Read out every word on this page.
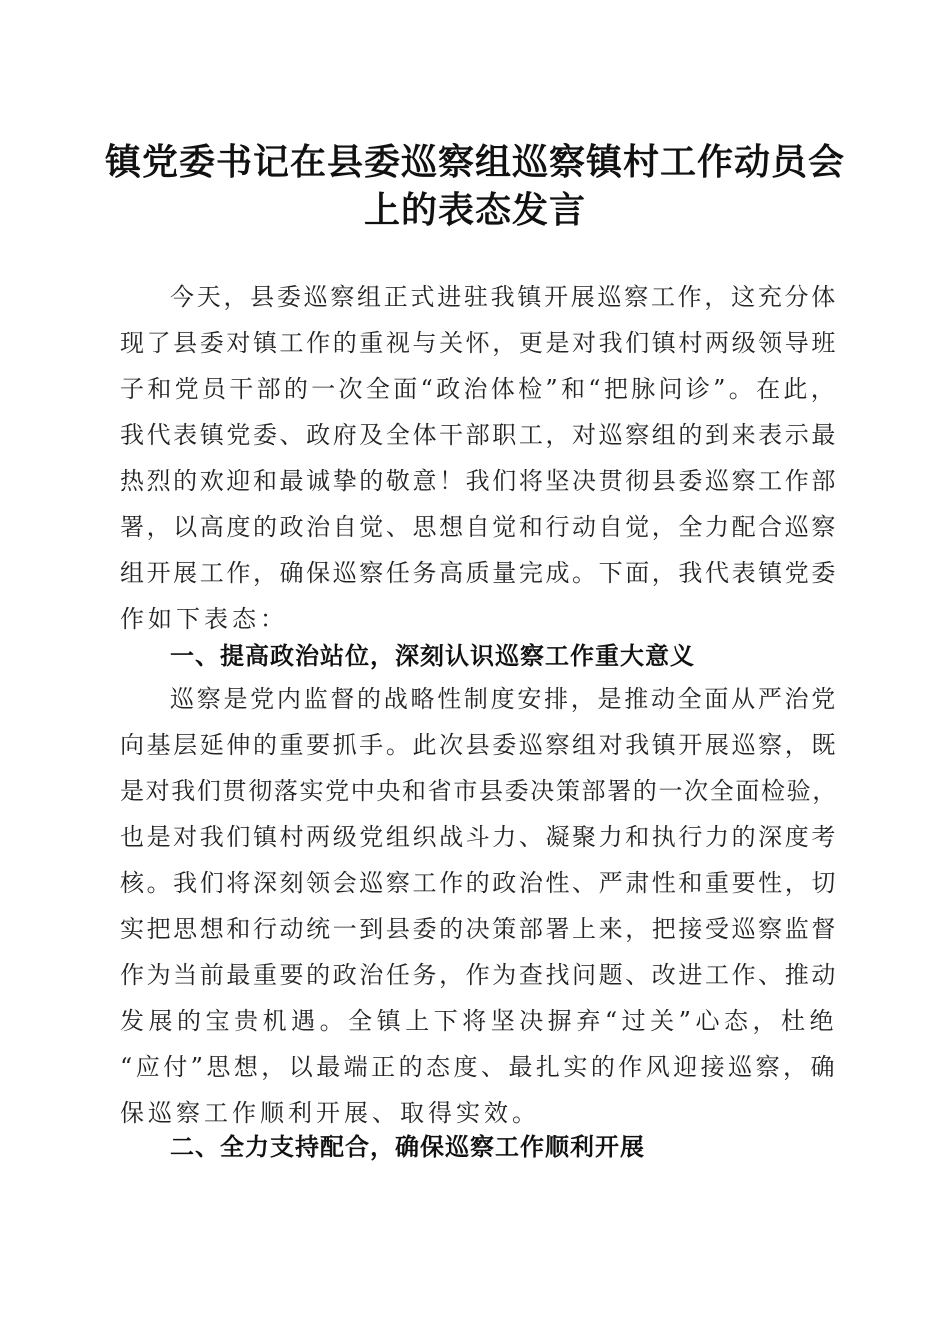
镇党委书记在县委巡察组巡察镇村工作动员会
上的表态发言
今天，县委巡察组正式进驻我镇开展巡察工作，这充分体
现了县委对镇工作的重视与关怀，更是对我们镇村两级领导班
子和党员干部的一次全面“政治体检”和“把脉问诊”。在此，
我代表镇党委、政府及全体干部职工，对巡察组的到来表示最
热烈的欢迎和最诚挚的敬意！我们将坚决贯彻县委巡察工作部
署，以高度的政治自觉、思想自觉和行动自觉，全力配合巡察
组开展工作，确保巡察任务高质量完成。下面，我代表镇党委
作如下表态：
一、提高政治站位，深刻认识巡察工作重大意义
巡察是党内监督的战略性制度安排，是推动全面从严治党
向基层延伸的重要抓手。此次县委巡察组对我镇开展巡察，既
是对我们贯彻落实党中央和省市县委决策部署的一次全面检验，
也是对我们镇村两级党组织战斗力、凝聚力和执行力的深度考
核。我们将深刻领会巡察工作的政治性、严肃性和重要性，切
实把思想和行动统一到县委的决策部署上来，把接受巡察监督
作为当前最重要的政治任务，作为查找问题、改进工作、推动
发展的宝贵机遇。全镇上下将坚决摒弃“过关”心态，杜绝
“应付”思想，以最端正的态度、最扎实的作风迎接巡察，确
保巡察工作顺利开展、取得实效。
二、全力支持配合，确保巡察工作顺利开展
